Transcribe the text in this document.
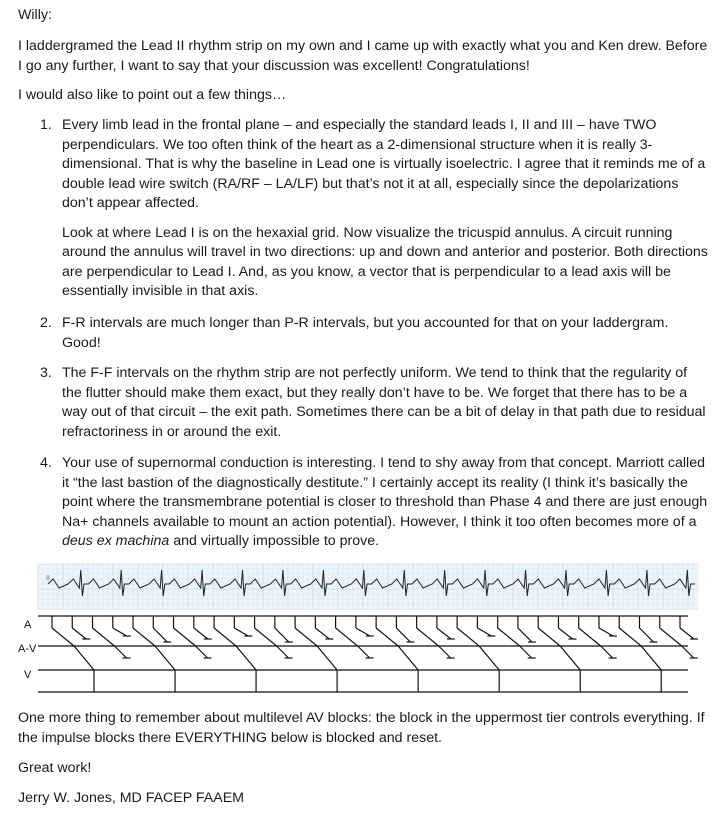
Willy:

I laddergramed the Lead II rhythm strip on my own and I came up with exactly what you and Ken drew. Before I go any further, I want to say that your discussion was excellent! Congratulations!

I would also like to point out a few things…

1. Every limb lead in the frontal plane – and especially the standard leads I, II and III – have TWO perpendiculars. We too often think of the heart as a 2-dimensional structure when it is really 3-dimensional. That is why the baseline in Lead one is virtually isoelectric. I agree that it reminds me of a double lead wire switch (RA/RF – LA/LF) but that’s not it at all, especially since the depolarizations don’t appear affected.

Look at where Lead I is on the hexaxial grid. Now visualize the tricuspid annulus. A circuit running around the annulus will travel in two directions: up and down and anterior and posterior. Both directions are perpendicular to Lead I. And, as you know, a vector that is perpendicular to a lead axis will be essentially invisible in that axis.

2. F-R intervals are much longer than P-R intervals, but you accounted for that on your laddergram. Good!

3. The F-F intervals on the rhythm strip are not perfectly uniform. We tend to think that the regularity of the flutter should make them exact, but they really don’t have to be. We forget that there has to be a way out of that circuit – the exit path. Sometimes there can be a bit of delay in that path due to residual refractoriness in or around the exit.

4. Your use of supernormal conduction is interesting. I tend to shy away from that concept. Marriott called it “the last bastion of the diagnostically destitute.” I certainly accept its reality (I think it’s basically the point where the transmembrane potential is closer to threshold than Phase 4 and there are just enough Na+ channels available to mount an action potential). However, I think it too often becomes more of a deus ex machina and virtually impossible to prove.

II
A
A-V
V

One more thing to remember about multilevel AV blocks: the block in the uppermost tier controls everything. If the impulse blocks there EVERYTHING below is blocked and reset.

Great work!

Jerry W. Jones, MD FACEP FAAEM
